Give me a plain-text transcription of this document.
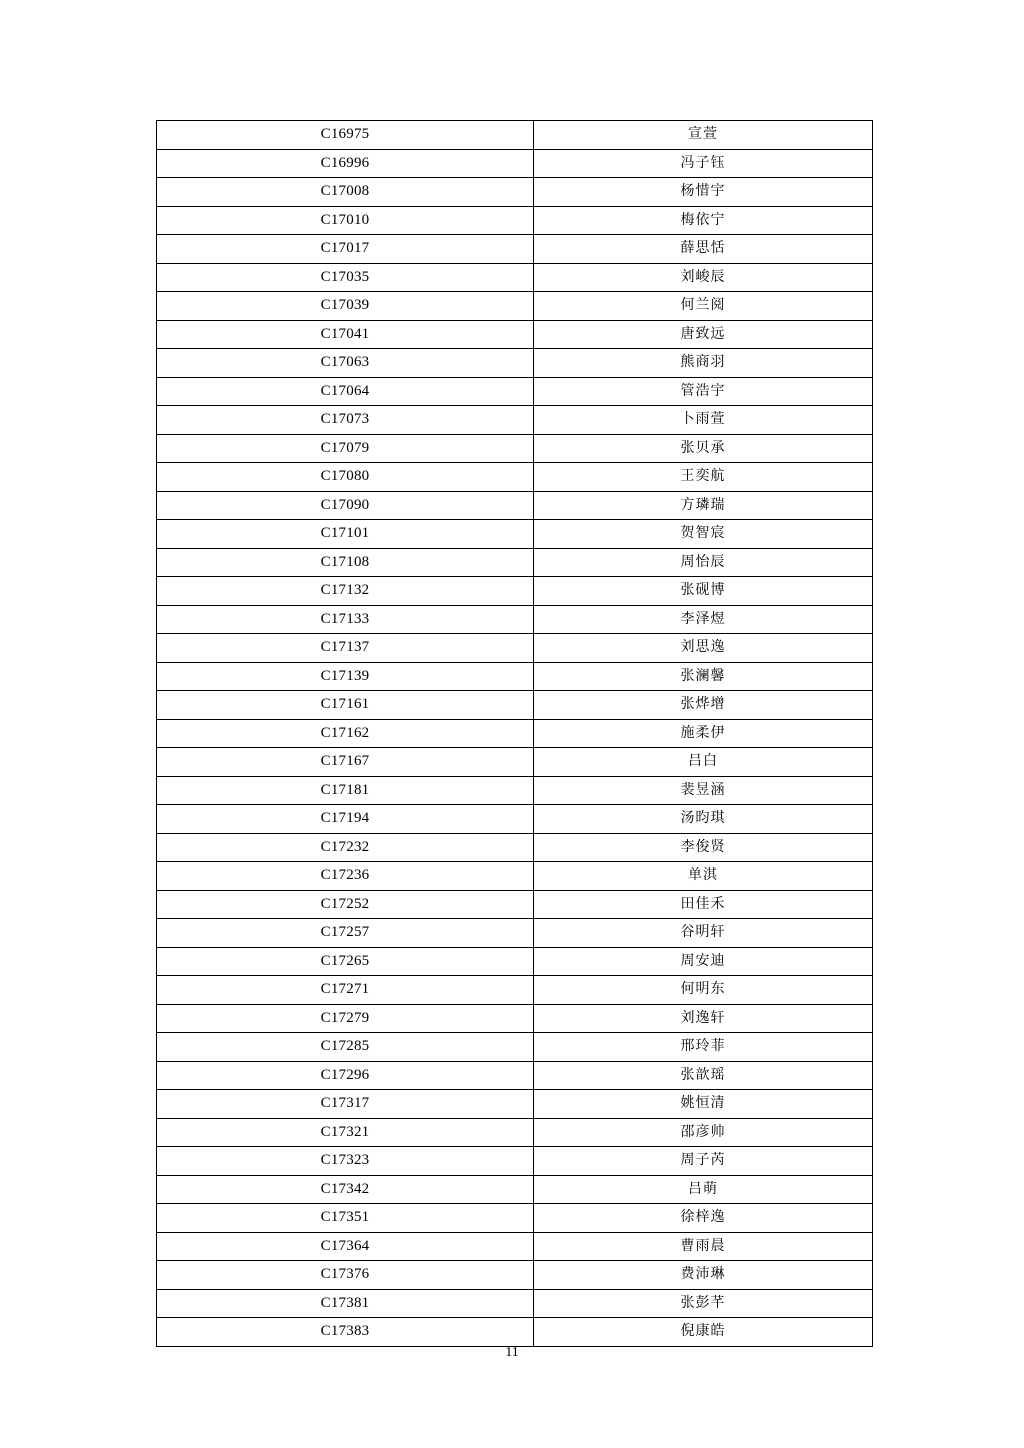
C16975	宣萱
C16996	冯子钰
C17008	杨惜宇
C17010	梅依宁
C17017	薛思恬
C17035	刘峻辰
C17039	何兰阅
C17041	唐致远
C17063	熊商羽
C17064	管浩宇
C17073	卜雨萱
C17079	张贝承
C17080	王奕航
C17090	方璘瑞
C17101	贺智宸
C17108	周怡辰
C17132	张砚博
C17133	李泽煜
C17137	刘思逸
C17139	张澜馨
C17161	张烨增
C17162	施柔伊
C17167	吕白
C17181	裴昱涵
C17194	汤昀琪
C17232	李俊贤
C17236	单淇
C17252	田佳禾
C17257	谷明轩
C17265	周安迪
C17271	何明东
C17279	刘逸轩
C17285	邢玲菲
C17296	张歆瑶
C17317	姚恒清
C17321	邵彦帅
C17323	周子芮
C17342	吕萌
C17351	徐梓逸
C17364	曹雨晨
C17376	费沛琳
C17381	张彭芊
C17383	倪康皓
11
